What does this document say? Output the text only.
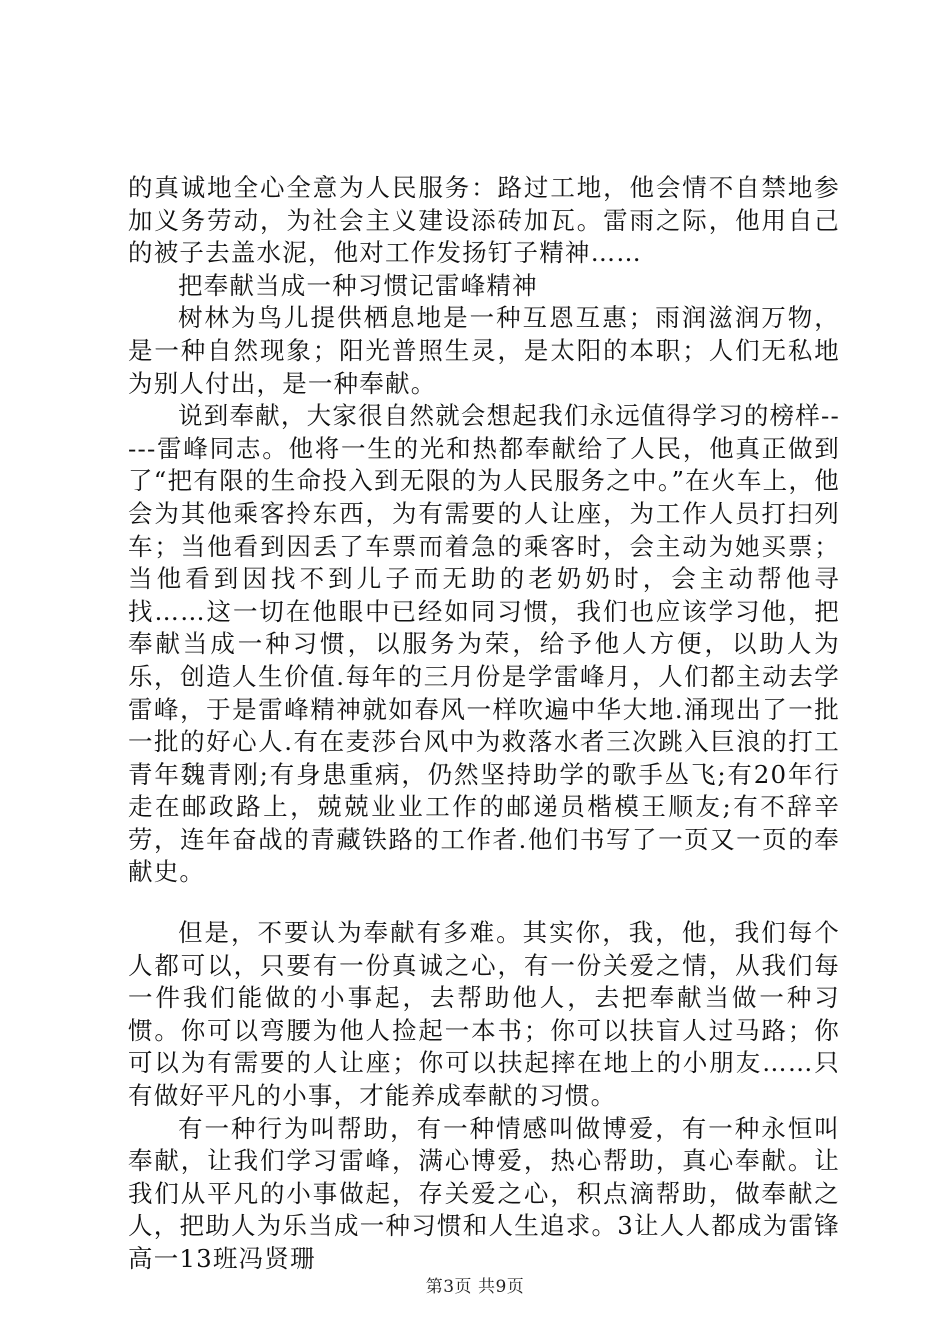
的真诚地全心全意为人民服务：路过工地，他会情不自禁地参加义务劳动，为社会主义建设添砖加瓦。雷雨之际，他用自己的被子去盖水泥，他对工作发扬钉子精神……

把奉献当成一种习惯记雷峰精神

树林为鸟儿提供栖息地是一种互恩互惠；雨润滋润万物，是一种自然现象；阳光普照生灵，是太阳的本职；人们无私地为别人付出，是一种奉献。

说到奉献，大家很自然就会想起我们永远值得学习的榜样-----雷峰同志。他将一生的光和热都奉献给了人民，他真正做到了“把有限的生命投入到无限的为人民服务之中。”在火车上，他会为其他乘客拎东西，为有需要的人让座，为工作人员打扫列车；当他看到因丢了车票而着急的乘客时，会主动为她买票；当他看到因找不到儿子而无助的老奶奶时，会主动帮他寻找……这一切在他眼中已经如同习惯，我们也应该学习他，把奉献当成一种习惯，以服务为荣，给予他人方便，以助人为乐，创造人生价值.每年的三月份是学雷峰月，人们都主动去学雷峰，于是雷峰精神就如春风一样吹遍中华大地.涌现出了一批一批的好心人.有在麦莎台风中为救落水者三次跳入巨浪的打工青年魏青刚;有身患重病，仍然坚持助学的歌手丛飞;有20年行走在邮政路上，兢兢业业工作的邮递员楷模王顺友;有不辞辛劳，连年奋战的青藏铁路的工作者.他们书写了一页又一页的奉献史。

但是，不要认为奉献有多难。其实你，我，他，我们每个人都可以，只要有一份真诚之心，有一份关爱之情，从我们每一件我们能做的小事起，去帮助他人，去把奉献当做一种习惯。你可以弯腰为他人捡起一本书；你可以扶盲人过马路；你可以为有需要的人让座；你可以扶起摔在地上的小朋友……只有做好平凡的小事，才能养成奉献的习惯。

有一种行为叫帮助，有一种情感叫做博爱，有一种永恒叫奉献，让我们学习雷峰，满心博爱，热心帮助，真心奉献。让我们从平凡的小事做起，存关爱之心，积点滴帮助，做奉献之人，把助人为乐当成一种习惯和人生追求。3让人人都成为雷锋高一13班冯贤珊

第3页 共9页
